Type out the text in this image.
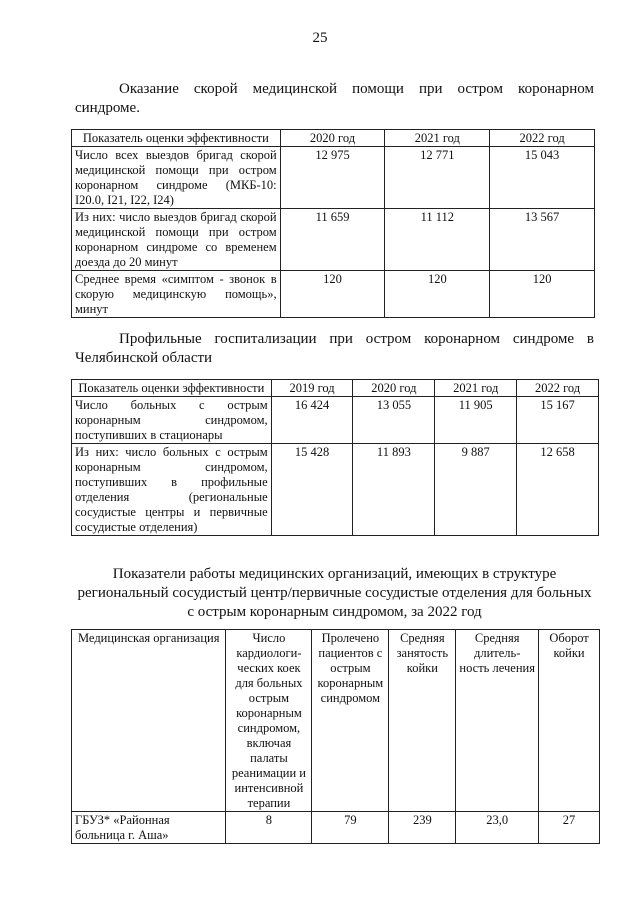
25
Оказание скорой медицинской помощи при остром коронарном синдроме.
Показатель оценки эффективности	2020 год	2021 год	2022 год
Число всех выездов бригад скорой медицинской помощи при остром коронарном синдроме (МКБ-10: I20.0, I21, I22, I24)	12 975	12 771	15 043
Из них: число выездов бригад скорой медицинской помощи при остром коронарном синдроме со временем доезда до 20 минут	11 659	11 112	13 567
Среднее время «симптом - звонок в скорую медицинскую помощь», минут	120	120	120
Профильные госпитализации при остром коронарном синдроме в Челябинской области
Показатель оценки эффективности	2019 год	2020 год	2021 год	2022 год
Число больных с острым коронарным синдромом, поступивших в стационары	16 424	13 055	11 905	15 167
Из них: число больных с острым коронарным синдромом, поступивших в профильные отделения (региональные сосудистые центры и первичные сосудистые отделения)	15 428	11 893	9 887	12 658
Показатели работы медицинских организаций, имеющих в структуре региональный сосудистый центр/первичные сосудистые отделения для больных с острым коронарным синдромом, за 2022 год
Медицинская организация	Число кардиологи-ческих коек для больных острым коронарным синдромом, включая палаты реанимации и интенсивной терапии	Пролечено пациентов с острым коронарным синдромом	Средняя занятость койки	Средняя длитель-ность лечения	Оборот койки
ГБУЗ* «Районная больница г. Аша»	8	79	239	23,0	27
